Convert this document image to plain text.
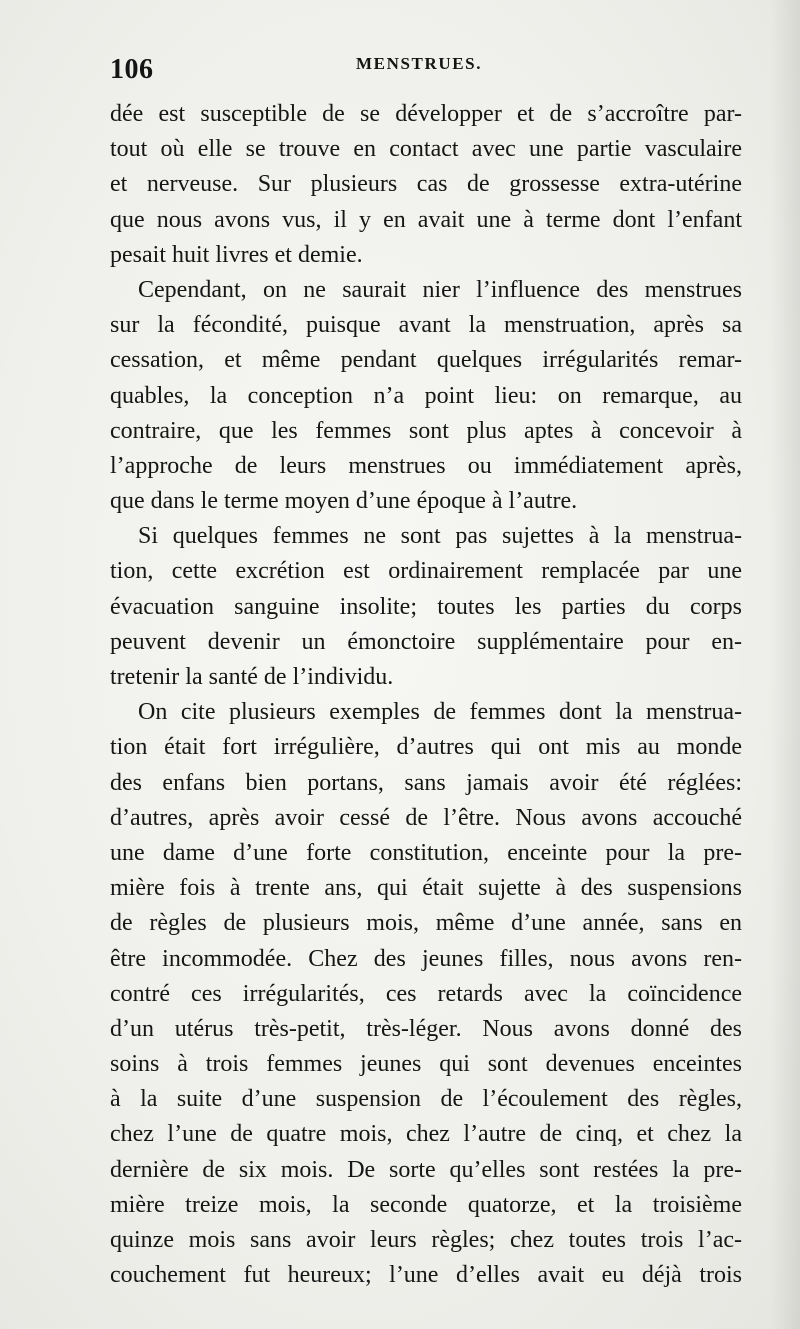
106	MENSTRUES.
dée est susceptible de se développer et de s’accroître par-
tout où elle se trouve en contact avec une partie vasculaire
et nerveuse. Sur plusieurs cas de grossesse extra-utérine
que nous avons vus, il y en avait une à terme dont l’enfant
pesait huit livres et demie.
Cependant, on ne saurait nier l’influence des menstrues
sur la fécondité, puisque avant la menstruation, après sa
cessation, et même pendant quelques irrégularités remar-
quables, la conception n’a point lieu: on remarque, au
contraire, que les femmes sont plus aptes à concevoir à
l’approche de leurs menstrues ou immédiatement après,
que dans le terme moyen d’une époque à l’autre.
Si quelques femmes ne sont pas sujettes à la menstrua-
tion, cette excrétion est ordinairement remplacée par une
évacuation sanguine insolite; toutes les parties du corps
peuvent devenir un émonctoire supplémentaire pour en-
tretenir la santé de l’individu.
On cite plusieurs exemples de femmes dont la menstrua-
tion était fort irrégulière, d’autres qui ont mis au monde
des enfans bien portans, sans jamais avoir été réglées:
d’autres, après avoir cessé de l’être. Nous avons accouché
une dame d’une forte constitution, enceinte pour la pre-
mière fois à trente ans, qui était sujette à des suspensions
de règles de plusieurs mois, même d’une année, sans en
être incommodée. Chez des jeunes filles, nous avons ren-
contré ces irrégularités, ces retards avec la coïncidence
d’un utérus très-petit, très-léger. Nous avons donné des
soins à trois femmes jeunes qui sont devenues enceintes
à la suite d’une suspension de l’écoulement des règles,
chez l’une de quatre mois, chez l’autre de cinq, et chez la
dernière de six mois. De sorte qu’elles sont restées la pre-
mière treize mois, la seconde quatorze, et la troisième
quinze mois sans avoir leurs règles; chez toutes trois l’ac-
couchement fut heureux; l’une d’elles avait eu déjà trois
